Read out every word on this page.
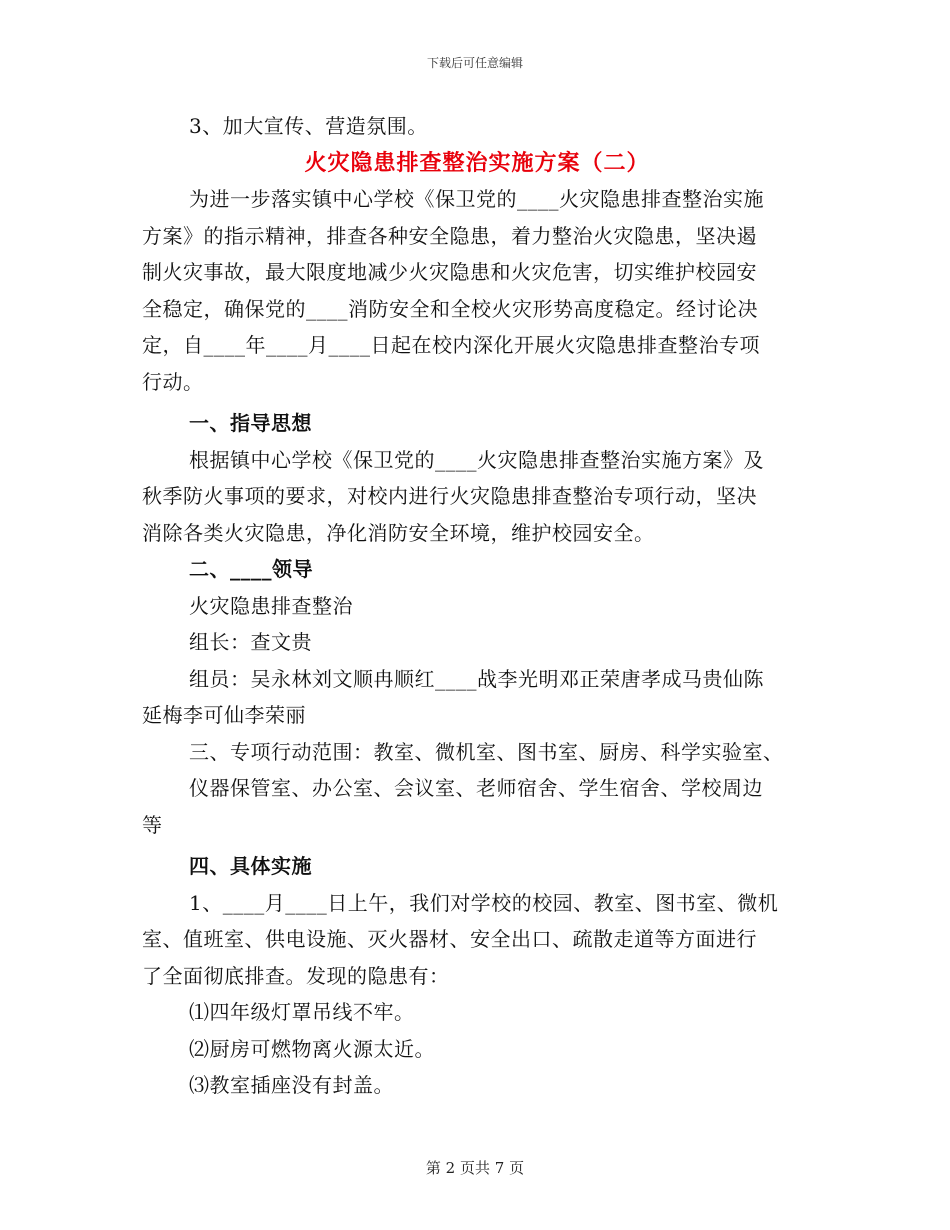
下载后可任意编辑
3、加大宣传、营造氛围。
火灾隐患排查整治实施方案（二）
为进一步落实镇中心学校《保卫党的____火灾隐患排查整治实施
方案》的指示精神，排查各种安全隐患，着力整治火灾隐患，坚决遏
制火灾事故，最大限度地减少火灾隐患和火灾危害，切实维护校园安
全稳定，确保党的____消防安全和全校火灾形势高度稳定。经讨论决
定，自____年____月____日起在校内深化开展火灾隐患排查整治专项
行动。
一、指导思想
根据镇中心学校《保卫党的____火灾隐患排查整治实施方案》及
秋季防火事项的要求，对校内进行火灾隐患排查整治专项行动，坚决
消除各类火灾隐患，净化消防安全环境，维护校园安全。
二、____领导
火灾隐患排查整治
组长：查文贵
组员：吴永林刘文顺冉顺红____战李光明邓正荣唐孝成马贵仙陈
延梅李可仙李荣丽
三、专项行动范围：教室、微机室、图书室、厨房、科学实验室、
仪器保管室、办公室、会议室、老师宿舍、学生宿舍、学校周边
等
四、具体实施
1、____月____日上午，我们对学校的校园、教室、图书室、微机
室、值班室、供电设施、灭火器材、安全出口、疏散走道等方面进行
了全面彻底排查。发现的隐患有：
⑴四年级灯罩吊线不牢。
⑵厨房可燃物离火源太近。
⑶教室插座没有封盖。
第 2 页共 7 页
